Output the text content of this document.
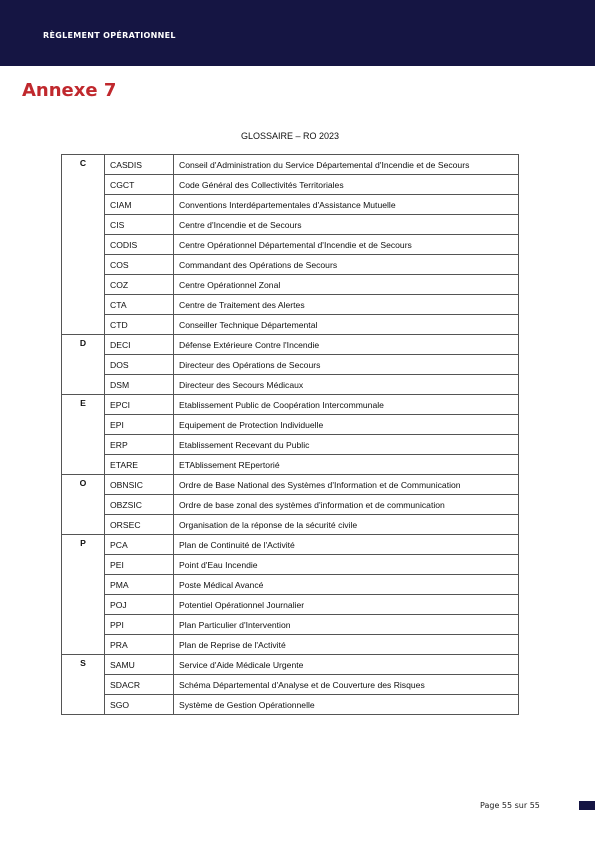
RÈGLEMENT OPÉRATIONNEL
Annexe 7
GLOSSAIRE – RO 2023
C	CASDIS	Conseil d'Administration du Service Départemental d'Incendie et de Secours
	CGCT	Code Général des Collectivités Territoriales
	CIAM	Conventions Interdépartementales d'Assistance Mutuelle
	CIS	Centre d'Incendie et de Secours
	CODIS	Centre Opérationnel Départemental d'Incendie et de Secours
	COS	Commandant des Opérations de Secours
	COZ	Centre Opérationnel Zonal
	CTA	Centre de Traitement des Alertes
	CTD	Conseiller Technique Départemental
D	DECI	Défense Extérieure Contre l'Incendie
	DOS	Directeur des Opérations de Secours
	DSM	Directeur des Secours Médicaux
E	EPCI	Etablissement Public de Coopération Intercommunale
	EPI	Equipement de Protection Individuelle
	ERP	Etablissement Recevant du Public
	ETARE	ETAblissement REpertorié
O	OBNSIC	Ordre de Base National des Systèmes d'Information et de Communication
	OBZSIC	Ordre de base zonal des systèmes d'information et de communication
	ORSEC	Organisation de la réponse de la sécurité civile
P	PCA	Plan de Continuité de l'Activité
	PEI	Point d'Eau Incendie
	PMA	Poste Médical Avancé
	POJ	Potentiel Opérationnel Journalier
	PPI	Plan Particulier d'Intervention
	PRA	Plan de Reprise de l'Activité
S	SAMU	Service d'Aide Médicale Urgente
	SDACR	Schéma Départemental d'Analyse et de Couverture des Risques
	SGO	Système de Gestion Opérationnelle
Page 55 sur 55
